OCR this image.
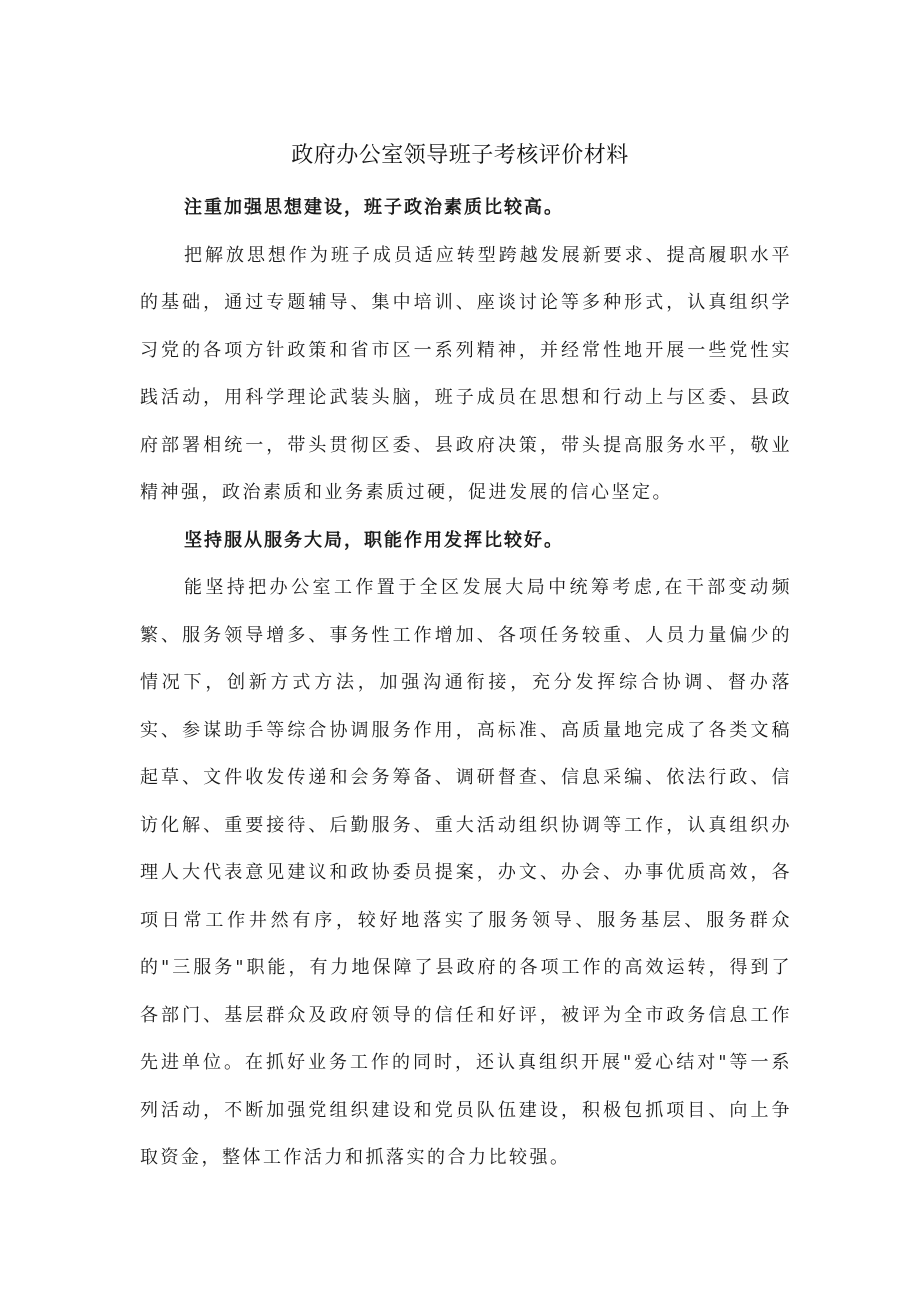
政府办公室领导班子考核评价材料

注重加强思想建设，班子政治素质比较高。

把解放思想作为班子成员适应转型跨越发展新要求、提高履职水平的基础，通过专题辅导、集中培训、座谈讨论等多种形式，认真组织学习党的各项方针政策和省市区一系列精神，并经常性地开展一些党性实践活动，用科学理论武装头脑，班子成员在思想和行动上与区委、县政府部署相统一，带头贯彻区委、县政府决策，带头提高服务水平，敬业精神强，政治素质和业务素质过硬，促进发展的信心坚定。

坚持服从服务大局，职能作用发挥比较好。

能坚持把办公室工作置于全区发展大局中统筹考虑,在干部变动频繁、服务领导增多、事务性工作增加、各项任务较重、人员力量偏少的情况下，创新方式方法，加强沟通衔接，充分发挥综合协调、督办落实、参谋助手等综合协调服务作用，高标准、高质量地完成了各类文稿起草、文件收发传递和会务筹备、调研督查、信息采编、依法行政、信访化解、重要接待、后勤服务、重大活动组织协调等工作，认真组织办理人大代表意见建议和政协委员提案，办文、办会、办事优质高效，各项日常工作井然有序，较好地落实了服务领导、服务基层、服务群众的"三服务"职能，有力地保障了县政府的各项工作的高效运转，得到了各部门、基层群众及政府领导的信任和好评，被评为全市政务信息工作先进单位。在抓好业务工作的同时，还认真组织开展"爱心结对"等一系列活动，不断加强党组织建设和党员队伍建设，积极包抓项目、向上争取资金，整体工作活力和抓落实的合力比较强。
